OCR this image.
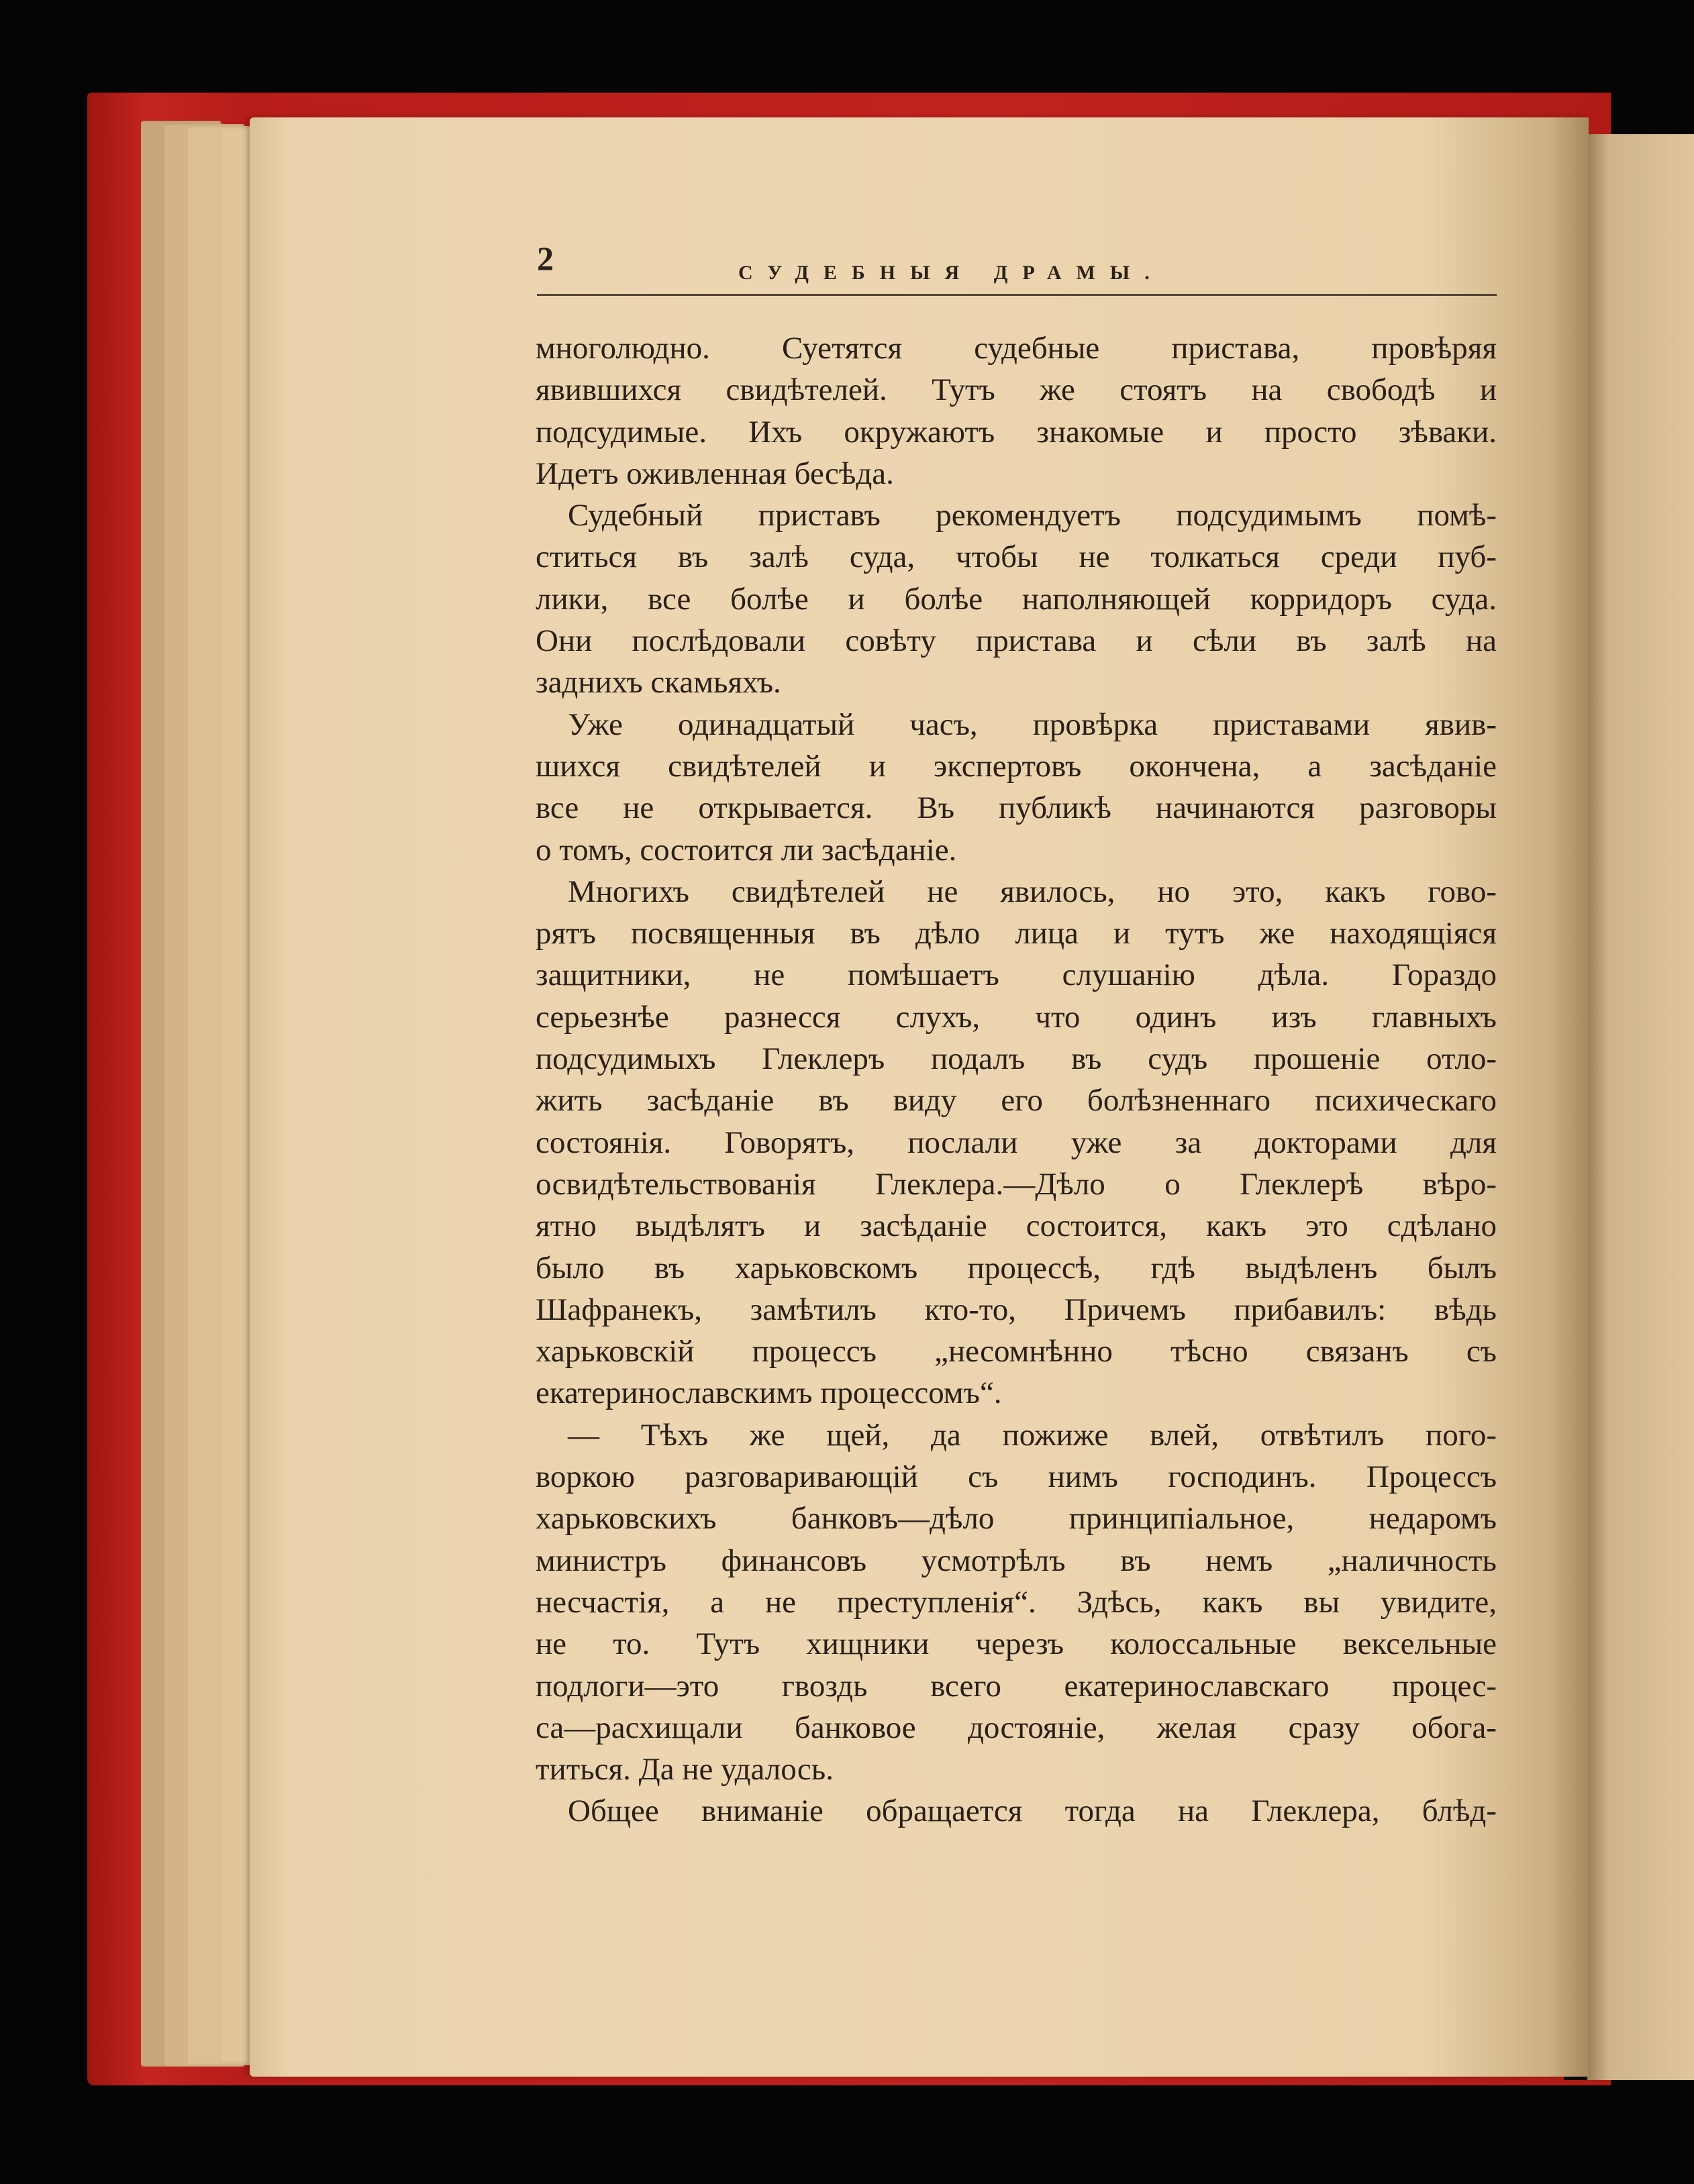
2	СУДЕБНЫЯ ДРАМЫ.

многолюдно. Суетятся судебные пристава, провѣряя
явившихся свидѣтелей. Тутъ же стоятъ на свободѣ и
подсудимые. Ихъ окружаютъ знакомые и просто зѣваки.
Идетъ оживленная бесѣда.

Судебный приставъ рекомендуетъ подсудимымъ помѣ-
ститься въ залѣ суда, чтобы не толкаться среди пуб-
лики, все болѣе и болѣе наполняющей корридоръ суда.
Они послѣдовали совѣту пристава и сѣли въ залѣ на
заднихъ скамьяхъ.

Уже одинадцатый часъ, провѣрка приставами явив-
шихся свидѣтелей и экспертовъ окончена, а засѣданіе
все не открывается. Въ публикѣ начинаются разговоры
о томъ, состоится ли засѣданіе.

Многихъ свидѣтелей не явилось, но это, какъ гово-
рятъ посвященныя въ дѣло лица и тутъ же находящіяся
защитники, не помѣшаетъ слушанію дѣла. Гораздо
серьезнѣе разнесся слухъ, что одинъ изъ главныхъ
подсудимыхъ Глеклеръ подалъ въ судъ прошеніе отло-
жить засѣданіе въ виду его болѣзненнаго психическаго
состоянія. Говорятъ, послали уже за докторами для
освидѣтельствованія Глеклера.—Дѣло о Глеклерѣ вѣро-
ятно выдѣлятъ и засѣданіе состоится, какъ это сдѣлано
было въ харьковскомъ процессѣ, гдѣ выдѣленъ былъ
Шафранекъ, замѣтилъ кто-то, Причемъ прибавилъ: вѣдь
харьковскій процессъ „несомнѣнно тѣсно связанъ съ
екатеринославскимъ процессомъ“.

— Тѣхъ же щей, да пожиже влей, отвѣтилъ пого-
воркою разговаривающій съ нимъ господинъ. Процессъ
харьковскихъ банковъ—дѣло принципіальное, недаромъ
министръ финансовъ усмотрѣлъ въ немъ „наличность
несчастія, а не преступленія“. Здѣсь, какъ вы увидите,
не то. Тутъ хищники черезъ колоссальные вексельные
подлоги—это гвоздь всего екатеринославскаго процес-
са—расхищали банковое достояніе, желая сразу обога-
титься. Да не удалось.

Общее вниманіе обращается тогда на Глеклера, блѣд-
